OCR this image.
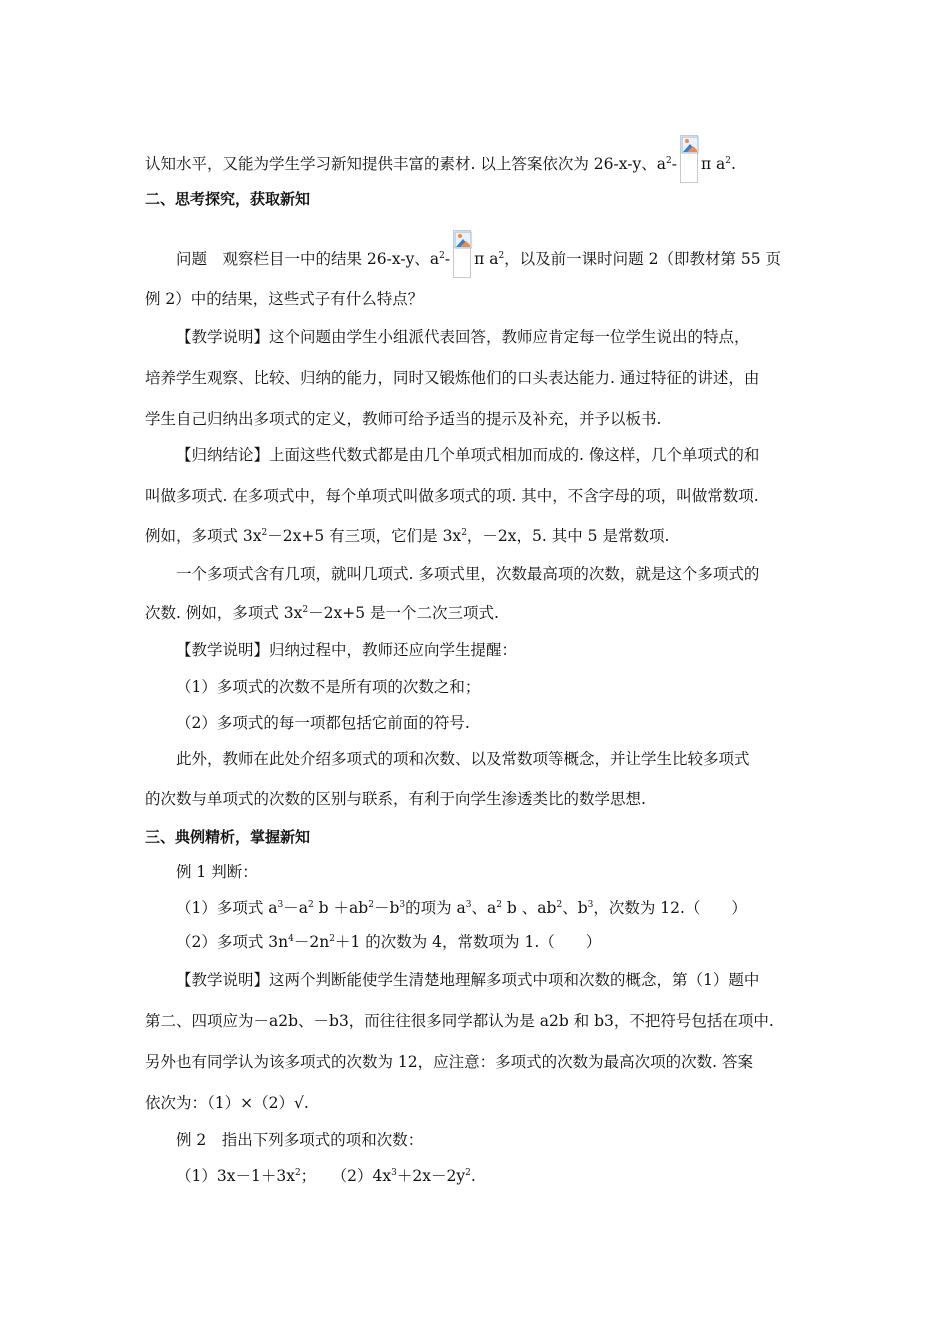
认知水平，又能为学生学习新知提供丰富的素材. 以上答案依次为 26-x-y、$a^2-$ π $a^2$.
二、思考探究，获取新知
问题　观察栏目一中的结果 26-x-y、$a^2-$ π $a^2$，以及前一课时问题 2（即教材第 55 页
例 2）中的结果，这些式子有什么特点？
【教学说明】这个问题由学生小组派代表回答，教师应肯定每一位学生说出的特点，
培养学生观察、比较、归纳的能力，同时又锻炼他们的口头表达能力. 通过特征的讲述，由
学生自己归纳出多项式的定义，教师可给予适当的提示及补充，并予以板书.
【归纳结论】上面这些代数式都是由几个单项式相加而成的. 像这样，几个单项式的和
叫做多项式. 在多项式中，每个单项式叫做多项式的项. 其中，不含字母的项，叫做常数项.
例如，多项式 $3x^2-2x+5$ 有三项，它们是 $3x^2$，－2x，5. 其中 5 是常数项.
一个多项式含有几项，就叫几项式. 多项式里，次数最高项的次数，就是这个多项式的
次数. 例如，多项式 $3x^2-2x+5$ 是一个二次三项式.
【教学说明】归纳过程中，教师还应向学生提醒：
（1）多项式的次数不是所有项的次数之和；
（2）多项式的每一项都包括它前面的符号.
此外，教师在此处介绍多项式的项和次数、以及常数项等概念，并让学生比较多项式
的次数与单项式的次数的区别与联系，有利于向学生渗透类比的数学思想.
三、典例精析，掌握新知
例 1 判断：
（1）多项式 $a^3-a^2$ $b +ab^2-b^3$的项为 $a^3$、$a^2$ b 、$ab^2$、$b^3$，次数为 12.（　　）
（2）多项式 $3n^4-2n^2+1$ 的次数为 4，常数项为 1.（　　）
【教学说明】这两个判断能使学生清楚地理解多项式中项和次数的概念，第（1）题中
第二、四项应为－a2b、－b3，而往往很多同学都认为是 a2b 和 b3，不把符号包括在项中.
另外也有同学认为该多项式的次数为 12，应注意：多项式的次数为最高次项的次数. 答案
依次为：（1）×（2）√.
例 2　指出下列多项式的项和次数：
$(1)3x-1+3x^2$；　　$(2)4x^3+2x-2y^2$.
